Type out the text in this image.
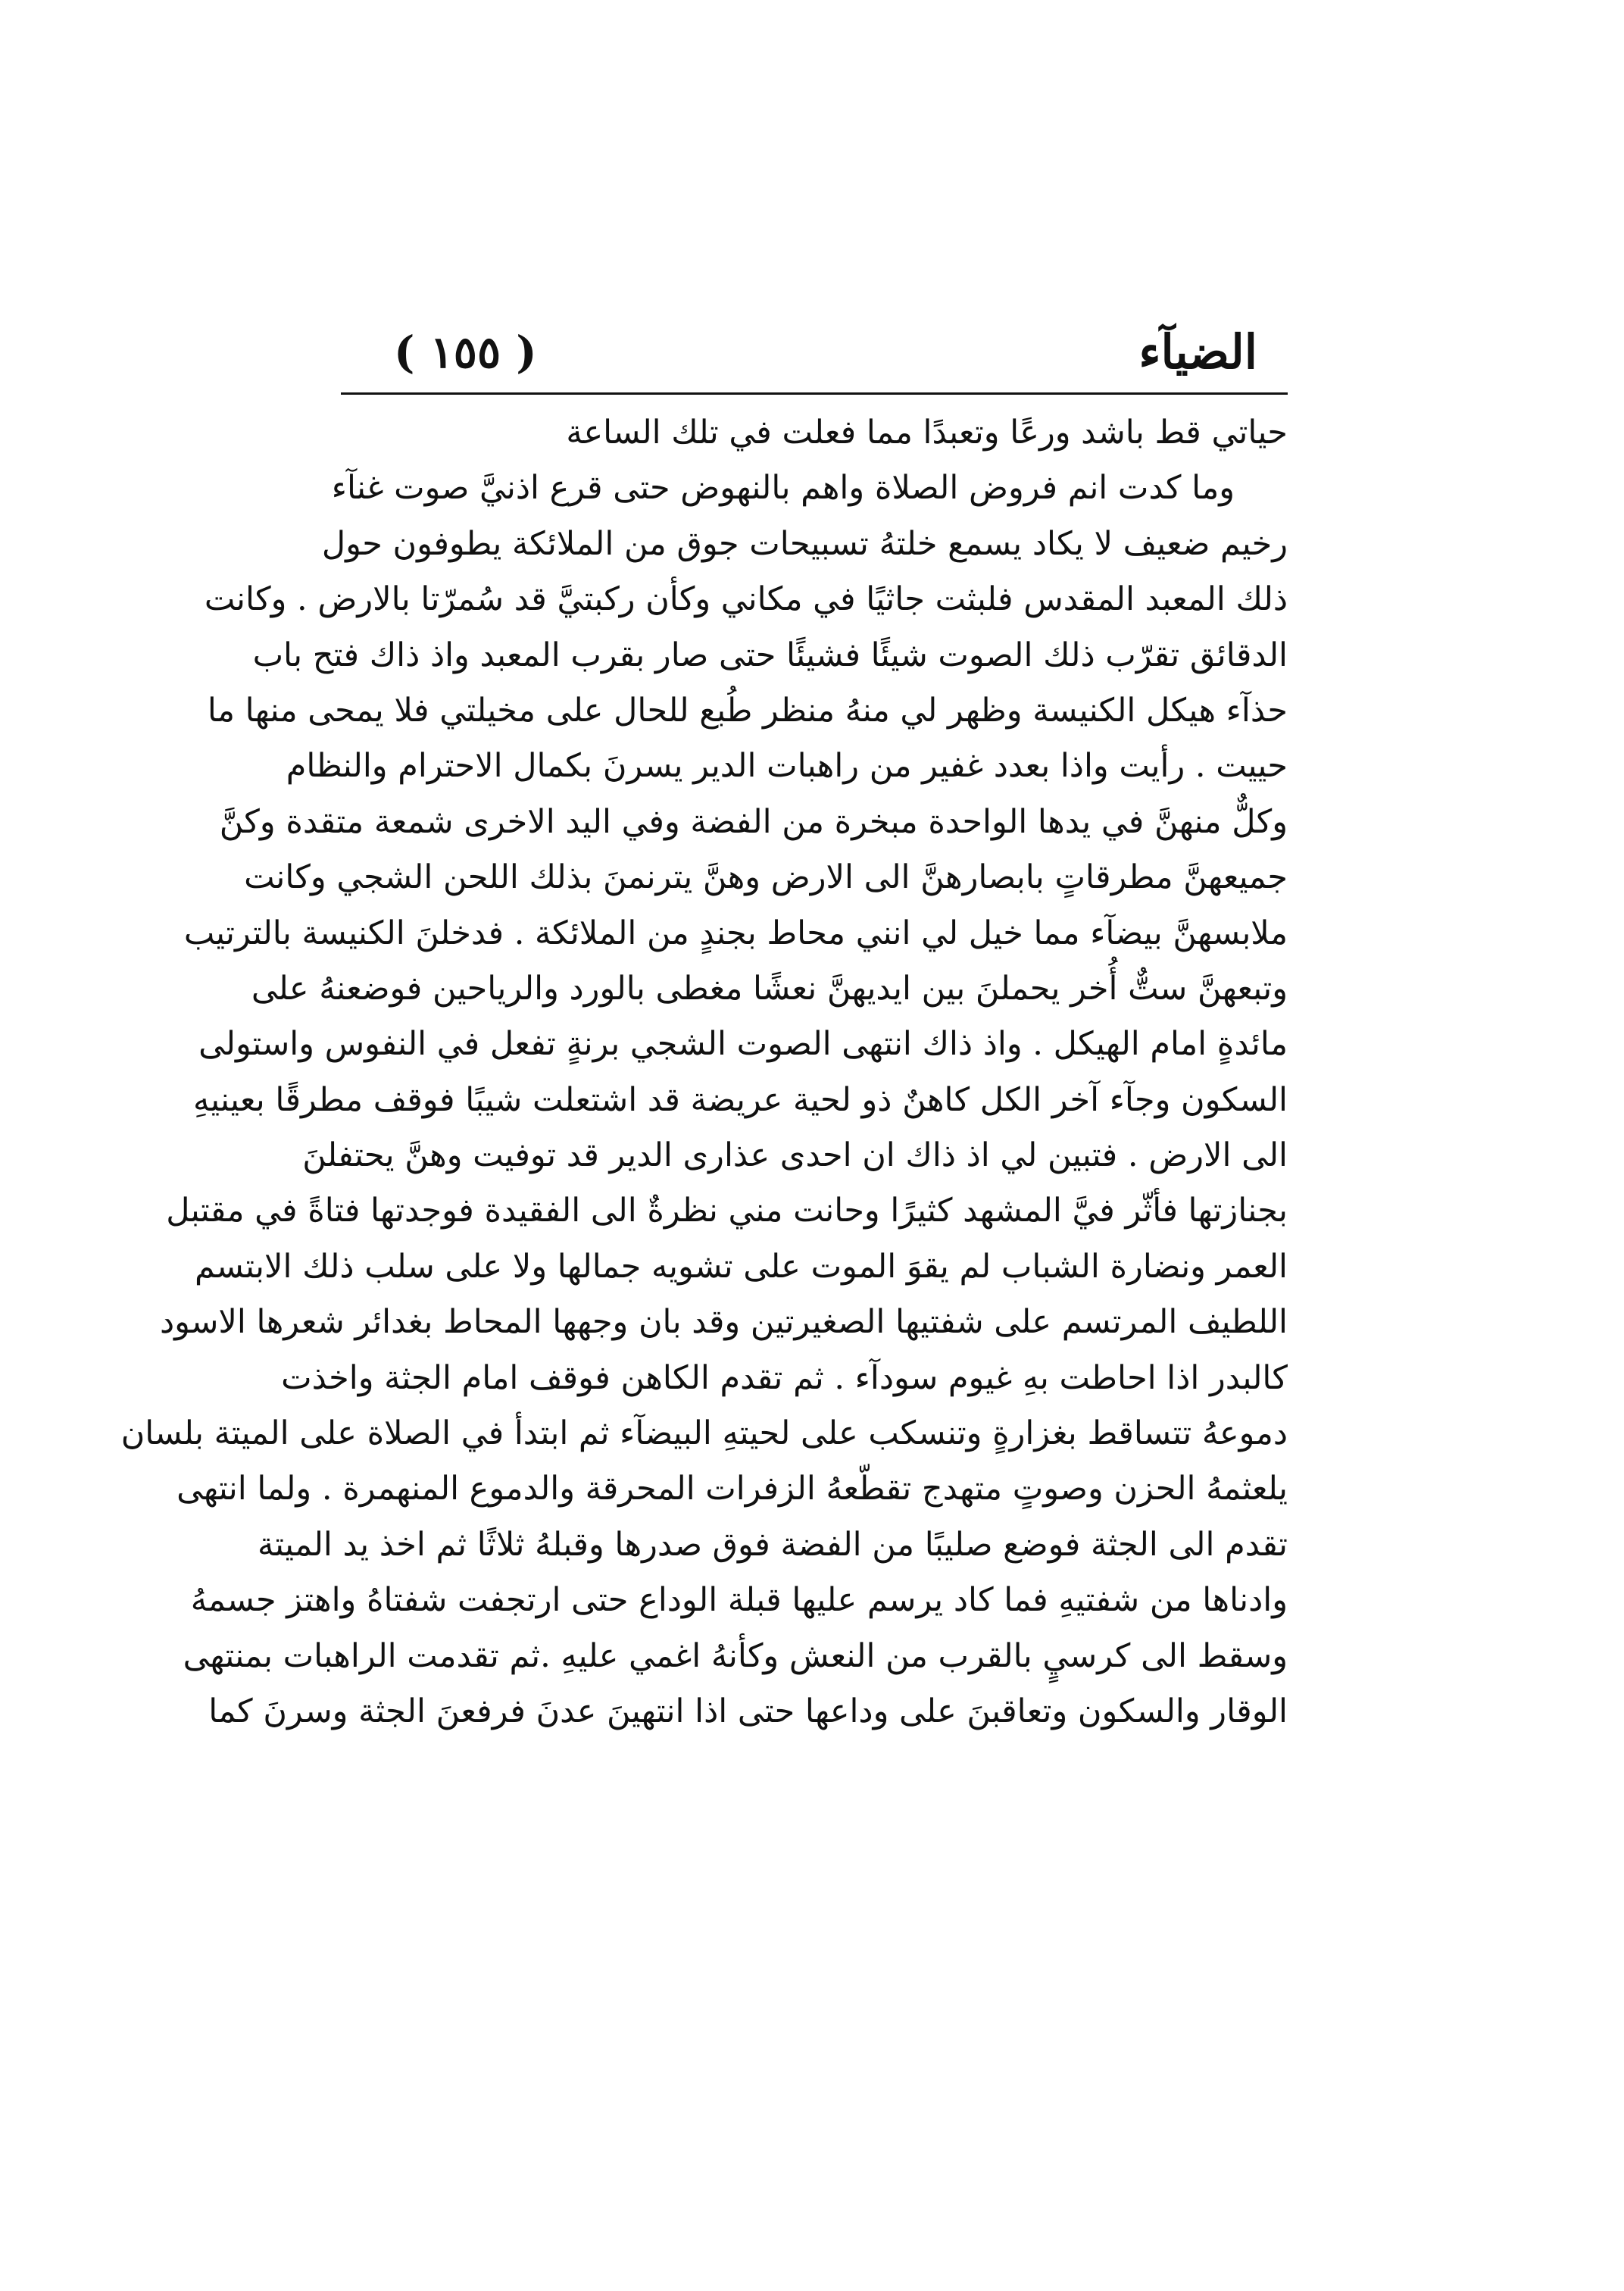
الضيآء
( ١٥٥ )
حياتي قط باشد ورعًا وتعبدًا مما فعلت في تلك الساعة
وما كدت انم فروض الصلاة واهم بالنهوض حتى قرع اذنيَّ صوت غنآء
رخيم ضعيف لا يكاد يسمع خلتهُ تسبيحات جوق من الملائكة يطوفون حول
ذلك المعبد المقدس فلبثت جاثيًا في مكاني وكأن ركبتيَّ قد سُمرّتا بالارض . وكانت
الدقائق تقرّب ذلك الصوت شيئًا فشيئًا حتى صار بقرب المعبد واذ ذاك فتح باب
حذآء هيكل الكنيسة وظهر لي منهُ منظر طُبع للحال على مخيلتي فلا يمحى منها ما
حييت . رأيت واذا بعدد غفير من راهبات الدير يسرنَ بكمال الاحترام والنظام
وكلٌّ منهنَّ في يدها الواحدة مبخرة من الفضة وفي اليد الاخرى شمعة متقدة وكنَّ
جميعهنَّ مطرقاتٍ بابصارهنَّ الى الارض وهنَّ يترنمنَ بذلك اللحن الشجي وكانت
ملابسهنَّ بيضآء مما خيل لي انني محاط بجندٍ من الملائكة . فدخلنَ الكنيسة بالترتيب
وتبعهنَّ ستٌّ أُخر يحملنَ بين ايديهنَّ نعشًا مغطى بالورد والرياحين فوضعنهُ على
مائدةٍ امام الهيكل . واذ ذاك انتهى الصوت الشجي برنةٍ تفعل في النفوس واستولى
السكون وجآء آخر الكل كاهنٌ ذو لحية عريضة قد اشتعلت شيبًا فوقف مطرقًا بعينيهِ
الى الارض . فتبين لي اذ ذاك ان احدى عذارى الدير قد توفيت وهنَّ يحتفلنَ
بجنازتها فأثّر فيَّ المشهد كثيرًا وحانت مني نظرةٌ الى الفقيدة فوجدتها فتاةً في مقتبل
العمر ونضارة الشباب لم يقوَ الموت على تشويه جمالها ولا على سلب ذلك الابتسم
اللطيف المرتسم على شفتيها الصغيرتين وقد بان وجهها المحاط بغدائر شعرها الاسود
كالبدر اذا احاطت بهِ غيوم سودآء . ثم تقدم الكاهن فوقف امام الجثة واخذت
دموعهُ تتساقط بغزارةٍ وتنسكب على لحيتهِ البيضآء ثم ابتدأ في الصلاة على الميتة بلسان
يلعثمهُ الحزن وصوتٍ متهدج تقطّعهُ الزفرات المحرقة والدموع المنهمرة . ولما انتهى
تقدم الى الجثة فوضع صليبًا من الفضة فوق صدرها وقبلهُ ثلاثًا ثم اخذ يد الميتة
وادناها من شفتيهِ فما كاد يرسم عليها قبلة الوداع حتى ارتجفت شفتاهُ واهتز جسمهُ
وسقط الى كرسيٍ بالقرب من النعش وكأنهُ اغمي عليهِ .ثم تقدمت الراهبات بمنتهى
الوقار والسكون وتعاقبنَ على وداعها حتى اذا انتهينَ عدنَ فرفعنَ الجثة وسرنَ كما
